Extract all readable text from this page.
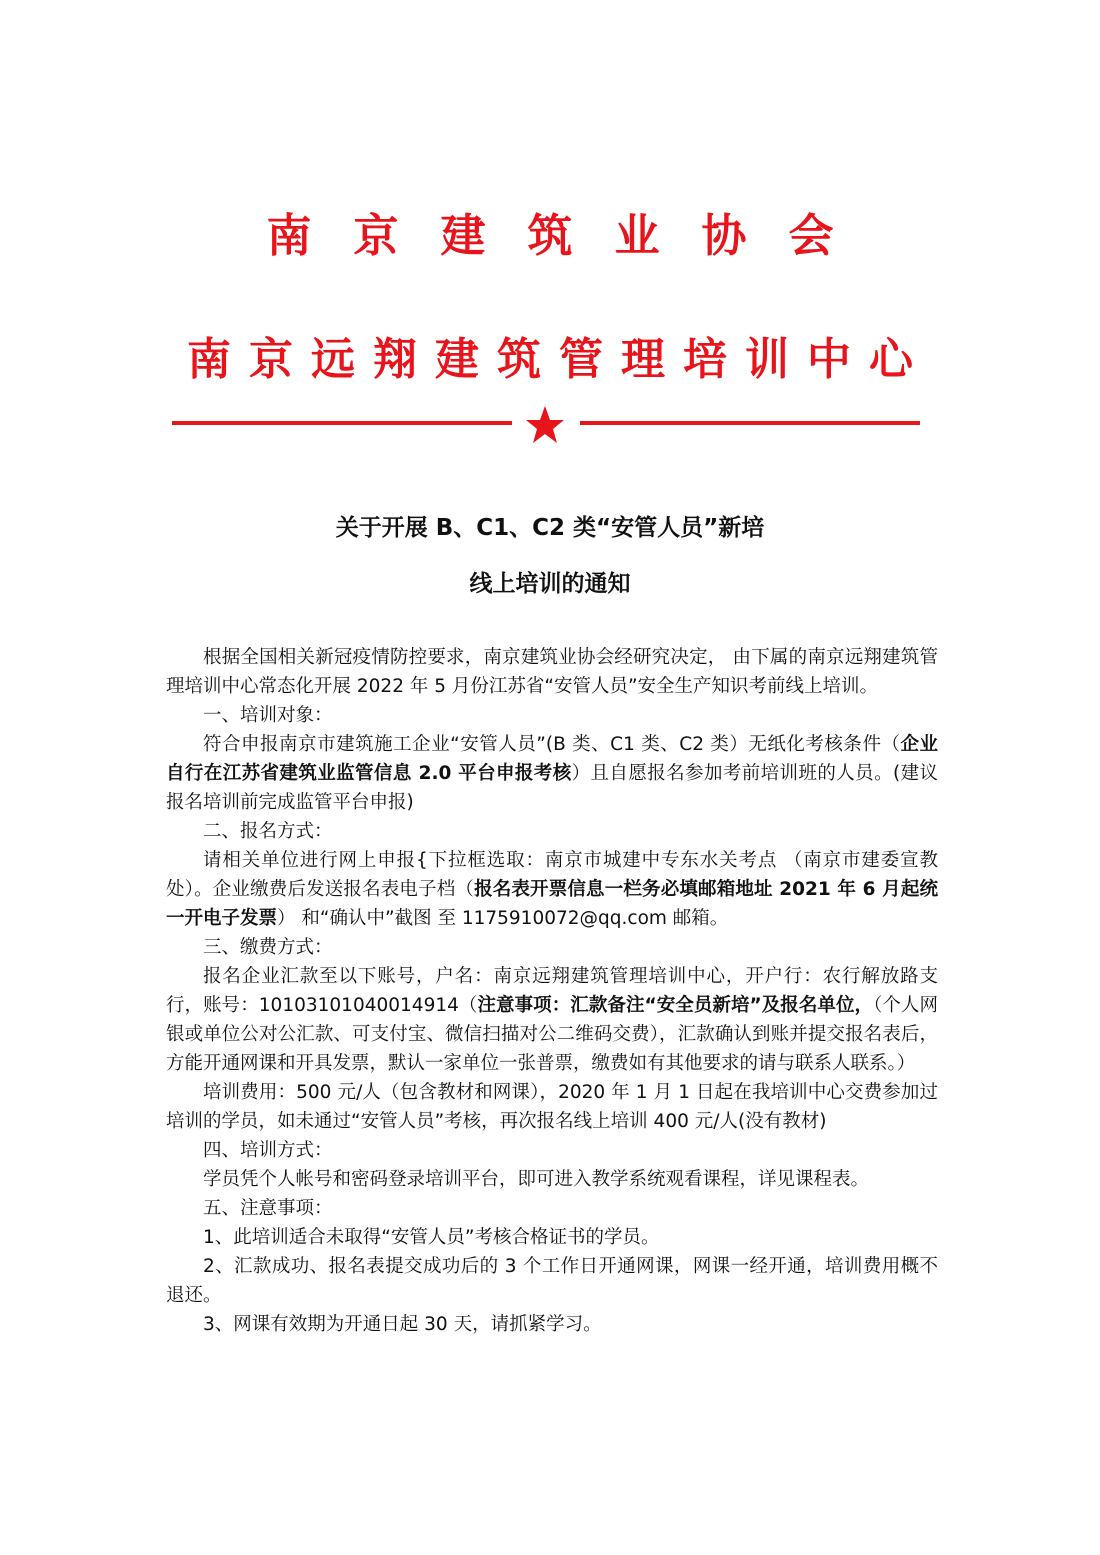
南京建筑业协会
南京远翔建筑管理培训中心
关于开展 B、C1、C2 类“安管人员”新培
线上培训的通知

根据全国相关新冠疫情防控要求，南京建筑业协会经研究决定， 由下属的南京远翔建筑管理培训中心常态化开展 2022 年 5 月份江苏省“安管人员”安全生产知识考前线上培训。

一、培训对象：

符合申报南京市建筑施工企业“安管人员”(B 类、C1 类、C2 类）无纸化考核条件（企业自行在江苏省建筑业监管信息 2.0 平台申报考核）且自愿报名参加考前培训班的人员。(建议报名培训前完成监管平台申报)

二、报名方式：

请相关单位进行网上申报{下拉框选取：南京市城建中专东水关考点 （南京市建委宣教处）。企业缴费后发送报名表电子档（报名表开票信息一栏务必填邮箱地址 2021 年 6 月起统一开电子发票） 和“确认中”截图 至 1175910072@qq.com 邮箱。

三、缴费方式：

报名企业汇款至以下账号，户名：南京远翔建筑管理培训中心，开户行：农行解放路支行，账号：10103101040014914（注意事项：汇款备注“安全员新培”及报名单位，（个人网银或单位公对公汇款、可支付宝、微信扫描对公二维码交费），汇款确认到账并提交报名表后，方能开通网课和开具发票，默认一家单位一张普票，缴费如有其他要求的请与联系人联系。）

培训费用：500 元/人（包含教材和网课），2020 年 1 月 1 日起在我培训中心交费参加过培训的学员，如未通过“安管人员”考核，再次报名线上培训 400 元/人(没有教材)

四、培训方式：

学员凭个人帐号和密码登录培训平台，即可进入教学系统观看课程，详见课程表。

五、注意事项：

1、此培训适合未取得“安管人员”考核合格证书的学员。

2、汇款成功、报名表提交成功后的 3 个工作日开通网课，网课一经开通，培训费用概不退还。

3、网课有效期为开通日起 30 天，请抓紧学习。
